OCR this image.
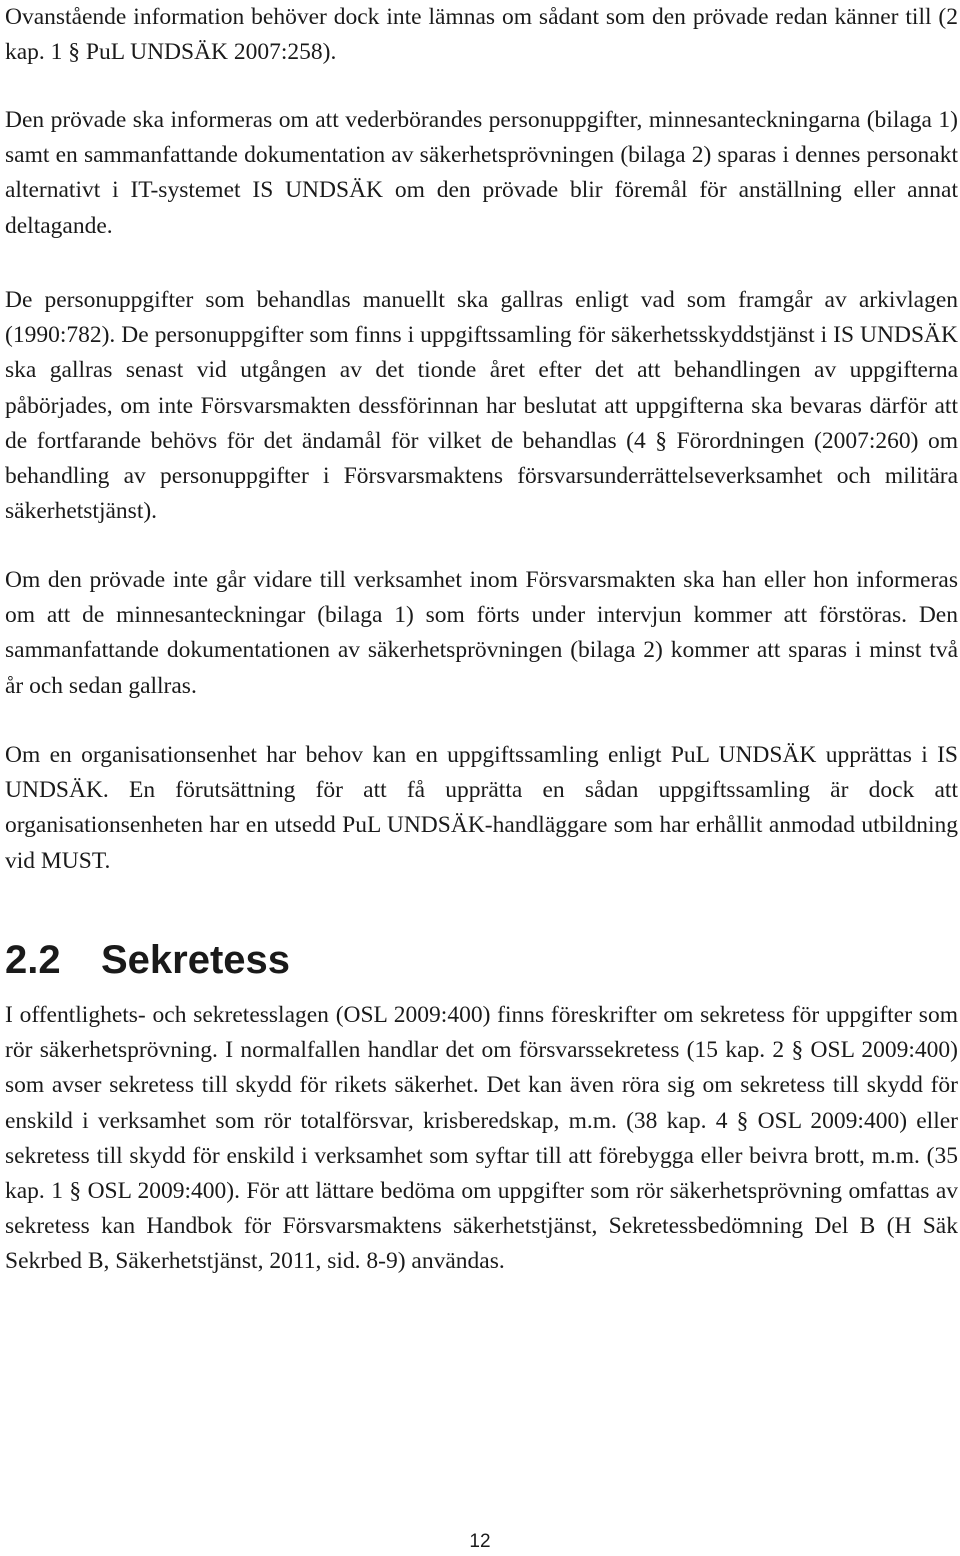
Ovanstående information behöver dock inte lämnas om sådant som den prövade redan känner till (2 kap. 1 § PuL UNDSÄK 2007:258).

Den prövade ska informeras om att vederbörandes personuppgifter, minnesanteckningarna (bilaga 1) samt en sammanfattande dokumentation av säkerhetsprövningen (bilaga 2) sparas i dennes personakt alternativt i IT-systemet IS UNDSÄK om den prövade blir föremål för anställning eller annat deltagande.

De personuppgifter som behandlas manuellt ska gallras enligt vad som framgår av arkivlagen (1990:782). De personuppgifter som finns i uppgiftssamling för säkerhetsskyddstjänst i IS UNDSÄK ska gallras senast vid utgången av det tionde året efter det att behandlingen av uppgifterna påbörjades, om inte Försvarsmakten dessförinnan har beslutat att uppgifterna ska bevaras därför att de fortfarande behövs för det ändamål för vilket de behandlas (4 § Förordningen (2007:260) om behandling av personuppgifter i Försvarsmaktens försvarsunderrättelseverksamhet och militära säkerhetstjänst).

Om den prövade inte går vidare till verksamhet inom Försvarsmakten ska han eller hon informeras om att de minnesanteckningar (bilaga 1) som förts under intervjun kommer att förstöras. Den sammanfattande dokumentationen av säkerhetsprövningen (bilaga 2) kommer att sparas i minst två år och sedan gallras.

Om en organisationsenhet har behov kan en uppgiftssamling enligt PuL UNDSÄK upprättas i IS UNDSÄK. En förutsättning för att få upprätta en sådan uppgiftssamling är dock att organisationsenheten har en utsedd PuL UNDSÄK-handläggare som har erhållit anmodad utbildning vid MUST.

2.2 Sekretess

I offentlighets- och sekretesslagen (OSL 2009:400) finns föreskrifter om sekretess för uppgifter som rör säkerhetsprövning. I normalfallen handlar det om försvarssekretess (15 kap. 2 § OSL 2009:400) som avser sekretess till skydd för rikets säkerhet. Det kan även röra sig om sekretess till skydd för enskild i verksamhet som rör totalförsvar, krisberedskap, m.m. (38 kap. 4 § OSL 2009:400) eller sekretess till skydd för enskild i verksamhet som syftar till att förebygga eller beivra brott, m.m. (35 kap. 1 § OSL 2009:400). För att lättare bedöma om uppgifter som rör säkerhetsprövning omfattas av sekretess kan Handbok för Försvarsmaktens säkerhetstjänst, Sekretessbedömning Del B (H Säk Sekrbed B, Säkerhetstjänst, 2011, sid. 8-9) användas.

12
